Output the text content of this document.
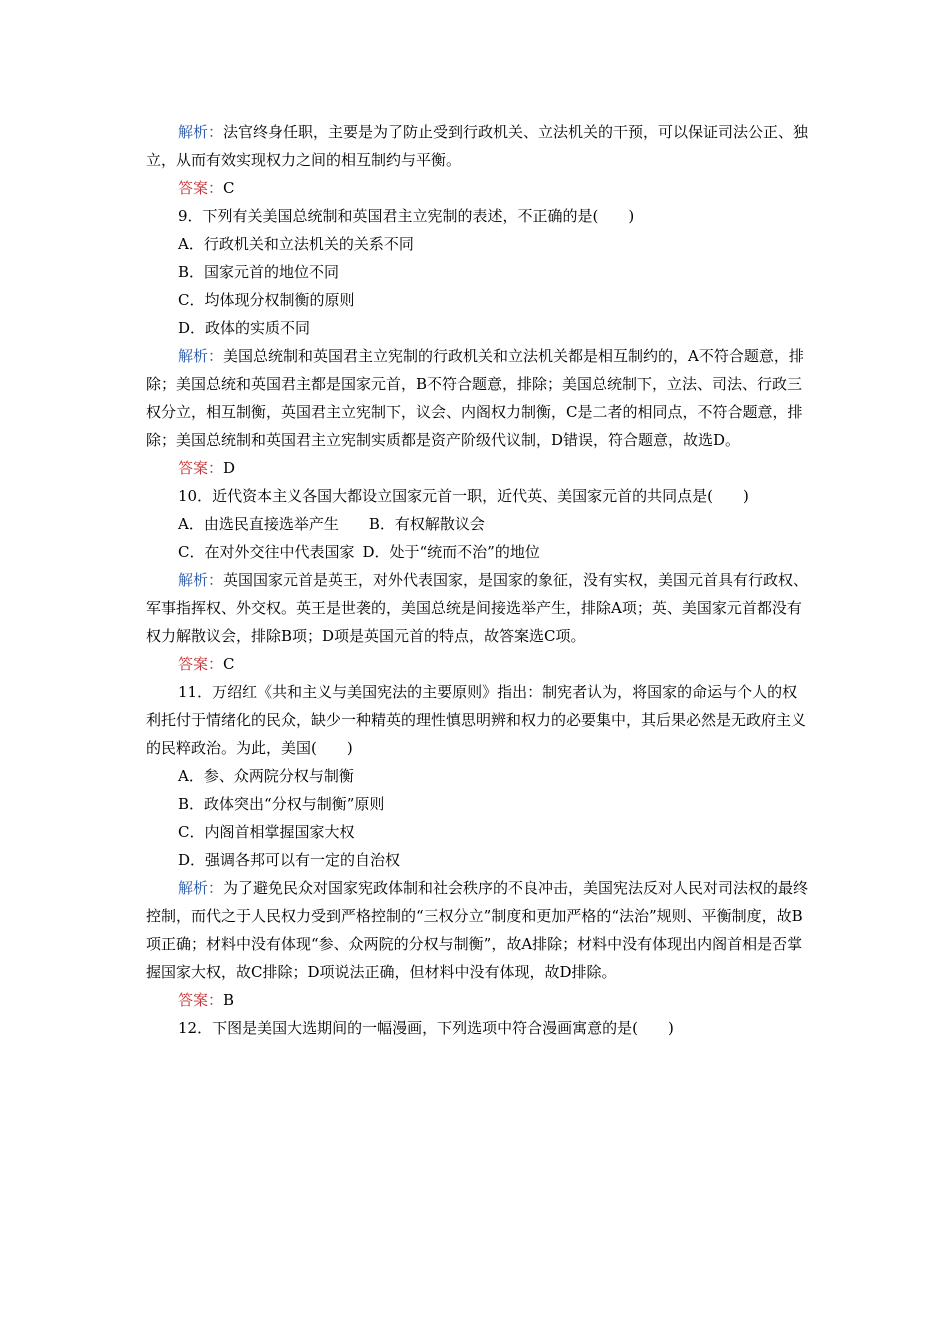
解析：法官终身任职，主要是为了防止受到行政机关、立法机关的干预，可以保证司法公正、独立，从而有效实现权力之间的相互制约与平衡。

答案：C

9．下列有关美国总统制和英国君主立宪制的表述，不正确的是(　　)

A．行政机关和立法机关的关系不同

B．国家元首的地位不同

C．均体现分权制衡的原则

D．政体的实质不同

解析：美国总统制和英国君主立宪制的行政机关和立法机关都是相互制约的，A不符合题意，排除；美国总统和英国君主都是国家元首，B不符合题意，排除；美国总统制下，立法、司法、行政三权分立，相互制衡，英国君主立宪制下，议会、内阁权力制衡，C是二者的相同点，不符合题意，排除；美国总统制和英国君主立宪制实质都是资产阶级代议制，D错误，符合题意，故选D。

答案：D

10．近代资本主义各国大都设立国家元首一职，近代英、美国家元首的共同点是(　　)

A．由选民直接选举产生 B．有权解散议会

C．在对外交往中代表国家 D．处于“统而不治”的地位

解析：英国国家元首是英王，对外代表国家，是国家的象征，没有实权，美国元首具有行政权、军事指挥权、外交权。英王是世袭的，美国总统是间接选举产生，排除A项；英、美国家元首都没有权力解散议会，排除B项；D项是英国元首的特点，故答案选C项。

答案：C

11．万绍红《共和主义与美国宪法的主要原则》指出：制宪者认为，将国家的命运与个人的权利托付于情绪化的民众，缺少一种精英的理性慎思明辨和权力的必要集中，其后果必然是无政府主义的民粹政治。为此，美国(　　)

A．参、众两院分权与制衡

B．政体突出“分权与制衡”原则

C．内阁首相掌握国家大权

D．强调各邦可以有一定的自治权

解析：为了避免民众对国家宪政体制和社会秩序的不良冲击，美国宪法反对人民对司法权的最终控制，而代之于人民权力受到严格控制的“三权分立”制度和更加严格的“法治”规则、平衡制度，故B项正确；材料中没有体现“参、众两院的分权与制衡”，故A排除；材料中没有体现出内阁首相是否掌握国家大权，故C排除；D项说法正确，但材料中没有体现，故D排除。

答案：B

12．下图是美国大选期间的一幅漫画，下列选项中符合漫画寓意的是(　　)
